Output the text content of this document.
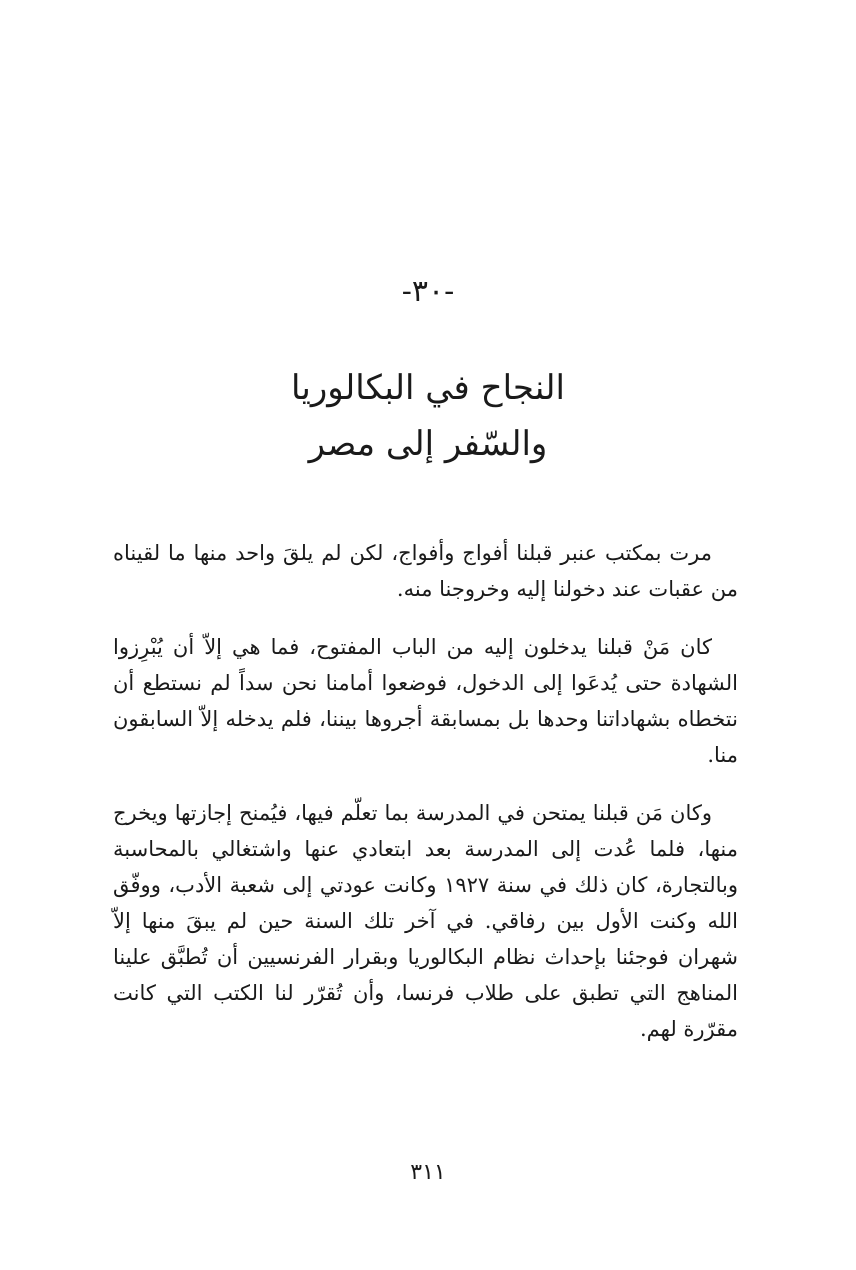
-٣٠-
النجاح في البكالوريا
والسّفر إلى مصر

مرت بمكتب عنبر قبلنا أفواج وأفواج، لكن لم يلقَ واحد منها ما لقيناه من عقبات عند دخولنا إليه وخروجنا منه.

كان مَنْ قبلنا يدخلون إليه من الباب المفتوح، فما هي إلاّ أن يُبْرِزوا الشهادة حتى يُدعَوا إلى الدخول، فوضعوا أمامنا نحن سداً لم نستطع أن نتخطاه بشهاداتنا وحدها بل بمسابقة أجروها بيننا، فلم يدخله إلاّ السابقون منا.

وكان مَن قبلنا يمتحن في المدرسة بما تعلّم فيها، فيُمنح إجازتها ويخرج منها، فلما عُدت إلى المدرسة بعد ابتعادي عنها واشتغالي بالمحاسبة وبالتجارة، كان ذلك في سنة ١٩٢٧ وكانت عودتي إلى شعبة الأدب، ووفّق الله وكنت الأول بين رفاقي. في آخر تلك السنة حين لم يبقَ منها إلاّ شهران فوجئنا بإحداث نظام البكالوريا وبقرار الفرنسيين أن تُطبَّق علينا المناهج التي تطبق على طلاب فرنسا، وأن تُقرّر لنا الكتب التي كانت مقرّرة لهم.

٣١١
